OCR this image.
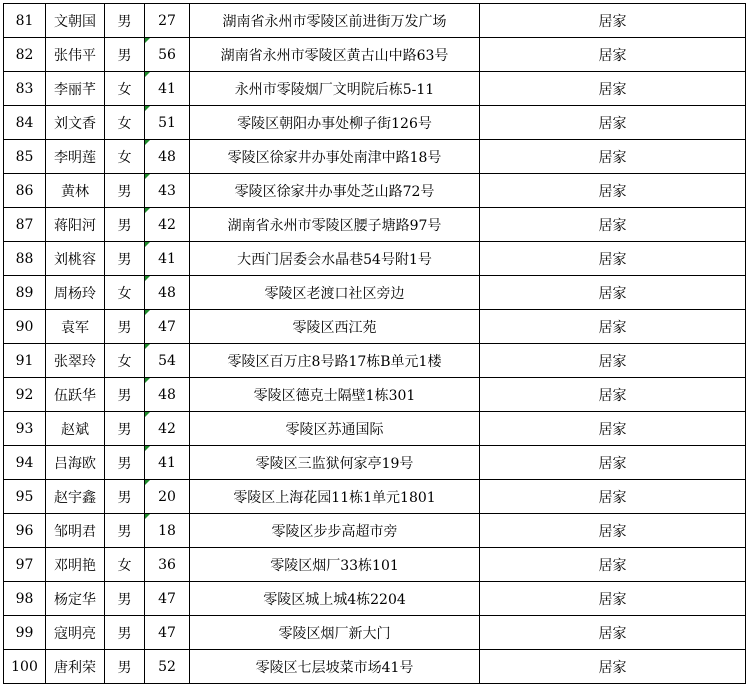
81	文朝国	男	27	湖南省永州市零陵区前进街万发广场	居家
82	张伟平	男	56	湖南省永州市零陵区黄古山中路63号	居家
83	李丽芊	女	41	永州市零陵烟厂文明院后栋5-11	居家
84	刘文香	女	51	零陵区朝阳办事处柳子街126号	居家
85	李明莲	女	48	零陵区徐家井办事处南津中路18号	居家
86	黄林	男	43	零陵区徐家井办事处芝山路72号	居家
87	蒋阳河	男	42	湖南省永州市零陵区腰子塘路97号	居家
88	刘桃容	男	41	大西门居委会水晶巷54号附1号	居家
89	周杨玲	女	48	零陵区老渡口社区旁边	居家
90	袁军	男	47	零陵区西江苑	居家
91	张翠玲	女	54	零陵区百万庄8号路17栋B单元1楼	居家
92	伍跃华	男	48	零陵区德克士隔壁1栋301	居家
93	赵斌	男	42	零陵区苏通国际	居家
94	吕海欧	男	41	零陵区三监狱何家亭19号	居家
95	赵宇鑫	男	20	零陵区上海花园11栋1单元1801	居家
96	邹明君	男	18	零陵区步步高超市旁	居家
97	邓明艳	女	36	零陵区烟厂33栋101	居家
98	杨定华	男	47	零陵区城上城4栋2204	居家
99	寇明亮	男	47	零陵区烟厂新大门	居家
100	唐利荣	男	52	零陵区七层坡菜市场41号	居家
